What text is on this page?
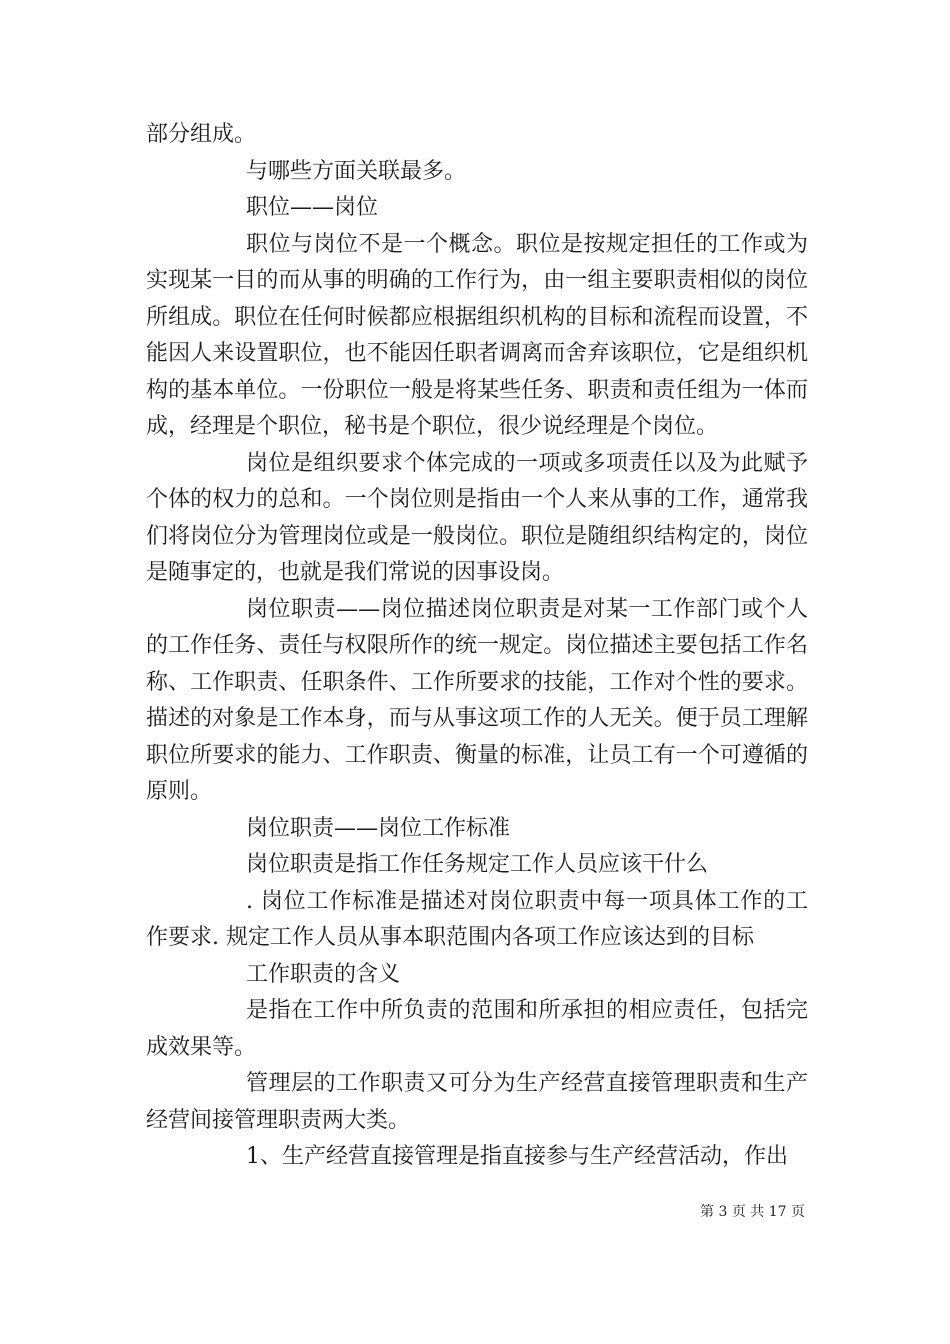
部分组成。

与哪些方面关联最多。

职位——岗位

职位与岗位不是一个概念。职位是按规定担任的工作或为实现某一目的而从事的明确的工作行为，由一组主要职责相似的岗位所组成。职位在任何时候都应根据组织机构的目标和流程而设置，不能因人来设置职位，也不能因任职者调离而舍弃该职位，它是组织机构的基本单位。一份职位一般是将某些任务、职责和责任组为一体而成，经理是个职位，秘书是个职位，很少说经理是个岗位。

岗位是组织要求个体完成的一项或多项责任以及为此赋予个体的权力的总和。一个岗位则是指由一个人来从事的工作，通常我们将岗位分为管理岗位或是一般岗位。职位是随组织结构定的，岗位是随事定的，也就是我们常说的因事设岗。

岗位职责——岗位描述岗位职责是对某一工作部门或个人的工作任务、责任与权限所作的统一规定。岗位描述主要包括工作名称、工作职责、任职条件、工作所要求的技能，工作对个性的要求。描述的对象是工作本身，而与从事这项工作的人无关。便于员工理解职位所要求的能力、工作职责、衡量的标准，让员工有一个可遵循的原则。

岗位职责——岗位工作标准

岗位职责是指工作任务规定工作人员应该干什么

. 岗位工作标准是描述对岗位职责中每一项具体工作的工作要求. 规定工作人员从事本职范围内各项工作应该达到的目标

工作职责的含义

是指在工作中所负责的范围和所承担的相应责任，包括完成效果等。

管理层的工作职责又可分为生产经营直接管理职责和生产经营间接管理职责两大类。

1、生产经营直接管理是指直接参与生产经营活动，作出

第 3 页 共 17 页
